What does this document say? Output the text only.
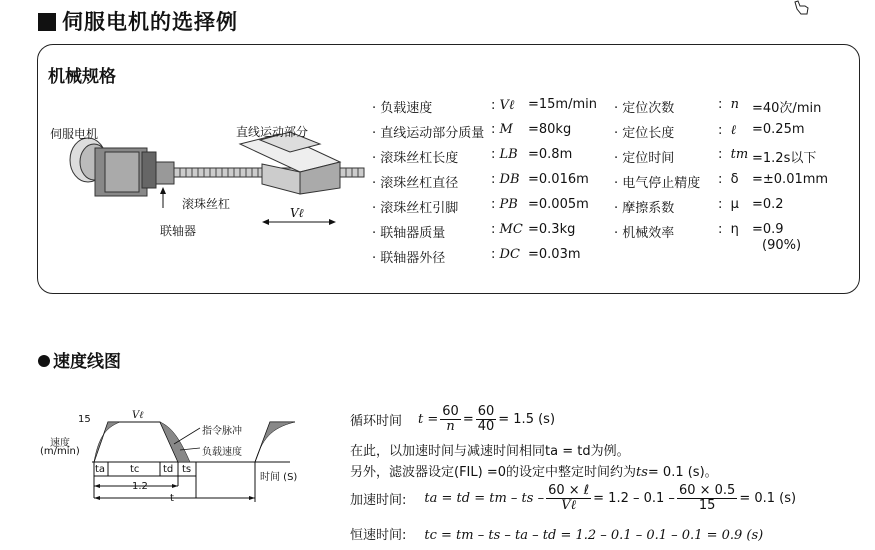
伺服电机的选择例
机械规格
伺服电机	直线运动部分
滚珠丝杠
联轴器
Vℓ
· 负载速度	: Vℓ =15m/min
· 直线运动部分质量 : M =80kg
· 滚珠丝杠长度	: LB =0.8m
· 滚珠丝杠直径	: DB =0.016m
· 滚珠丝杠引脚	: PB =0.005m
· 联轴器质量	: MC =0.3kg
· 联轴器外径	: DC =0.03m
· 定位次数	:  n =40次/min
· 定位长度	:  ℓ =0.25m
· 定位时间	:  tm =1.2s以下
· 电气停止精度 :  δ =±0.01mm
· 摩擦系数	:  μ =0.2
· 机械效率	:  η =0.9
(90%)
速度线图
15	Vℓ
速度
(m/min)
指令脉冲
负载速度
ta tc td ts
1.2
t
时间 (S)
循环时间 $t = \frac{60}{n} = \frac{60}{40} = 1.5$ (s)
在此，以加速时间与减速时间相同ta = td为例。
另外，滤波器设定(FIL) =0的设定中整定时间约为ts= 0.1 (s)。
加速时间: ta = td = tm – ts – $\frac{\text{60 × ℓ}}{\text{Vℓ}} = 1.2 - 0.1 - \frac{60 \times 0.5}{15} = 0.1$ (s)
恒速时间: tc = tm – ts – ta – td = 1.2 – 0.1 – 0.1 – 0.1 = 0.9 (s)
